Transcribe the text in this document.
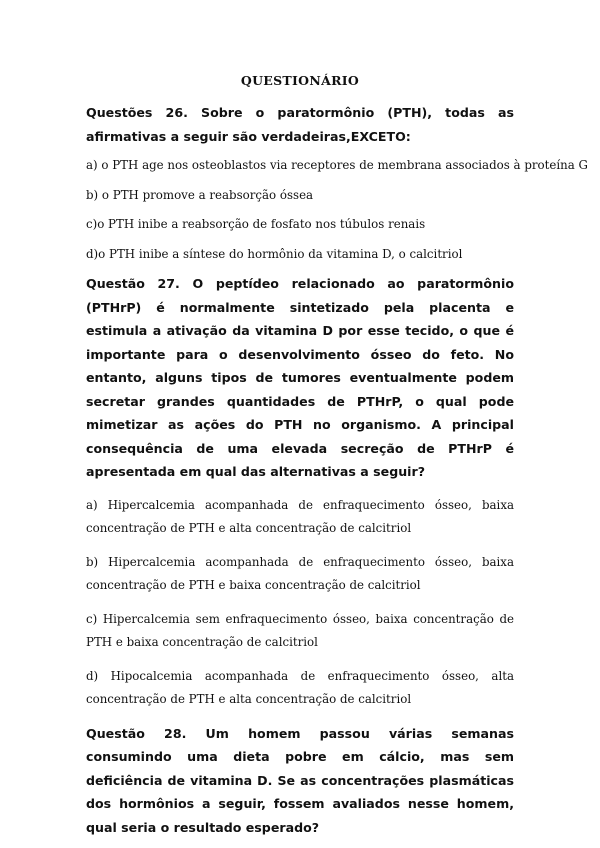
QUESTIONÁRIO

Questões 26. Sobre o paratormônio (PTH), todas as afirmativas a seguir são verdadeiras,EXCETO:

a) o PTH age nos osteoblastos via receptores de membrana associados à proteína G

b) o PTH promove a reabsorção óssea

c)o PTH inibe a reabsorção de fosfato nos túbulos renais

d)o PTH inibe a síntese do hormônio da vitamina D, o calcitriol

Questão 27. O peptídeo relacionado ao paratormônio (PTHrP) é normalmente sintetizado pela placenta e estimula a ativação da vitamina D por esse tecido, o que é importante para o desenvolvimento ósseo do feto. No entanto, alguns tipos de tumores eventualmente podem secretar grandes quantidades de PTHrP, o qual pode mimetizar as ações do PTH no organismo. A principal consequência de uma elevada secreção de PTHrP é apresentada em qual das alternativas a seguir?

a) Hipercalcemia acompanhada de enfraquecimento ósseo, baixa concentração de PTH e alta concentração de calcitriol

b) Hipercalcemia acompanhada de enfraquecimento ósseo, baixa concentração de PTH e baixa concentração de calcitriol

c) Hipercalcemia sem enfraquecimento ósseo, baixa concentração de PTH e baixa concentração de calcitriol

d) Hipocalcemia acompanhada de enfraquecimento ósseo, alta concentração de PTH e alta concentração de calcitriol

Questão 28. Um homem passou várias semanas consumindo uma dieta pobre em cálcio, mas sem deficiência de vitamina D. Se as concentrações plasmáticas dos hormônios a seguir, fossem avaliados nesse homem, qual seria o resultado esperado?
